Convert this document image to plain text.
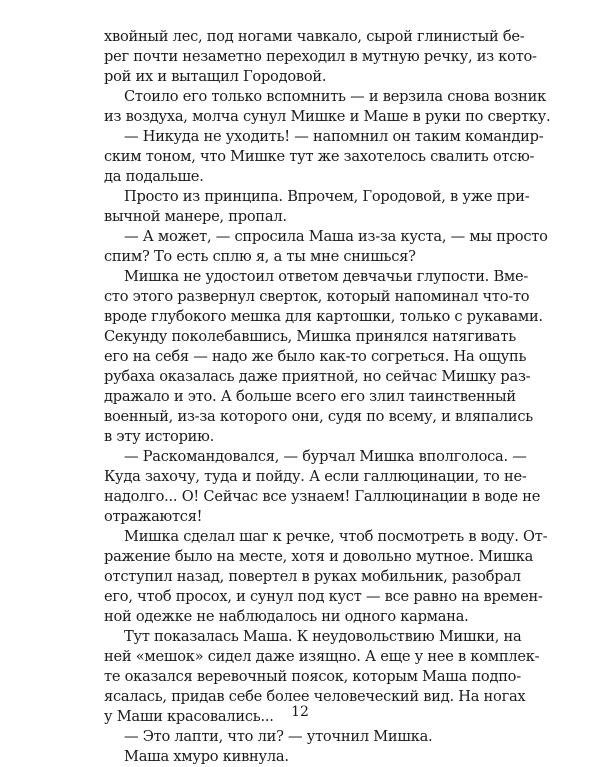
хвойный лес, под ногами чавкало, сырой глинистый бе-
рег почти незаметно переходил в мутную речку, из кото-
рой их и вытащил Городовой.
Стоило его только вспомнить — и верзила снова возник
из воздуха, молча сунул Мишке и Маше в руки по свертку.
— Никуда не уходить! — напомнил он таким командир-
ским тоном, что Мишке тут же захотелось свалить отсю-
да подальше.
Просто из принципа. Впрочем, Городовой, в уже при-
вычной манере, пропал.
— А может, — спросила Маша из-за куста, — мы просто
спим? То есть сплю я, а ты мне снишься?
Мишка не удостоил ответом девчачьи глупости. Вме-
сто этого развернул сверток, который напоминал что-то
вроде глубокого мешка для картошки, только с рукавами.
Секунду поколебавшись, Мишка принялся натягивать
его на себя — надо же было как-то согреться. На ощупь
рубаха оказалась даже приятной, но сейчас Мишку раз-
дражало и это. А больше всего его злил таинственный
военный, из-за которого они, судя по всему, и вляпались
в эту историю.
— Раскомандовался, — бурчал Мишка вполголоса. —
Куда захочу, туда и пойду. А если галлюцинации, то не-
надолго... О! Сейчас все узнаем! Галлюцинации в воде не
отражаются!
Мишка сделал шаг к речке, чтоб посмотреть в воду. От-
ражение было на месте, хотя и довольно мутное. Мишка
отступил назад, повертел в руках мобильник, разобрал
его, чтоб просох, и сунул под куст — все равно на времен-
ной одежке не наблюдалось ни одного кармана.
Тут показалась Маша. К неудовольствию Мишки, на
ней «мешок» сидел даже изящно. А еще у нее в комплек-
те оказался веревочный поясок, которым Маша подпо-
ясалась, придав себе более человеческий вид. На ногах
у Маши красовались...
— Это лапти, что ли? — уточнил Мишка.
Маша хмуро кивнула.
12
